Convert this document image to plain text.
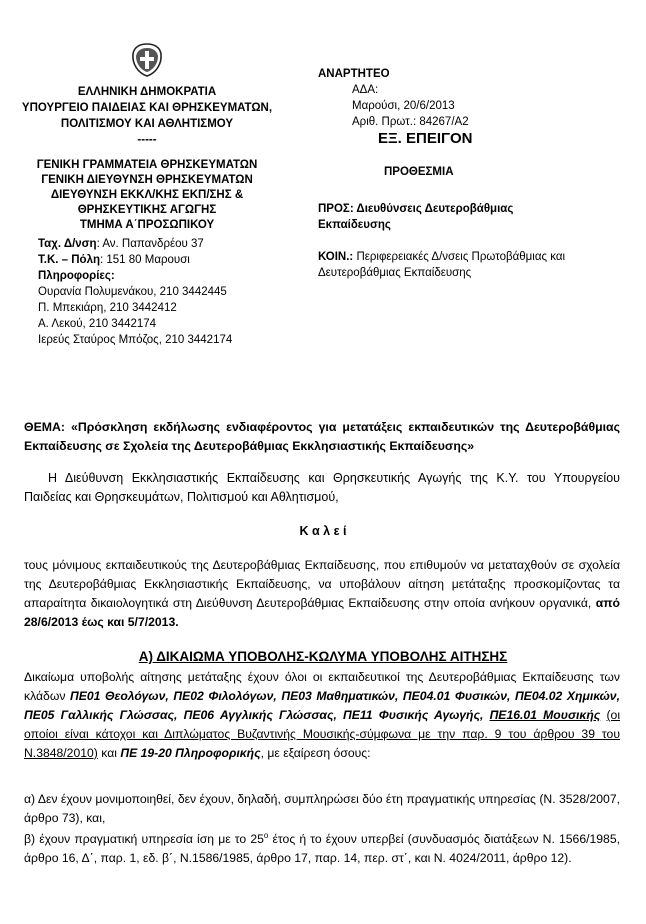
ΕΛΛΗΝΙΚΗ ΔΗΜΟΚΡΑΤΙΑ
ΥΠΟΥΡΓΕΙΟ ΠΑΙΔΕΙΑΣ ΚΑΙ ΘΡΗΣΚΕΥΜΑΤΩΝ,
ΠΟΛΙΤΙΣΜΟΥ ΚΑΙ ΑΘΛΗΤΙΣΜΟΥ
-----
ΓΕΝΙΚΗ ΓΡΑΜΜΑΤΕΙΑ ΘΡΗΣΚΕΥΜΑΤΩΝ
ΓΕΝΙΚΗ ΔΙΕΥΘΥΝΣΗ ΘΡΗΣΚΕΥΜΑΤΩΝ
ΔΙΕΥΘΥΝΣΗ ΕΚΚΛ/ΚΗΣ ΕΚΠ/ΣΗΣ &
ΘΡΗΣΚΕΥΤΙΚΗΣ ΑΓΩΓΗΣ
ΤΜΗΜΑ Α΄ΠΡΟΣΩΠΙΚΟΥ
Ταχ. Δ/νση: Αν. Παπανδρέου 37
Τ.Κ. – Πόλη: 151 80 Μαρουσι
Πληροφορίες:
Ουρανία Πολυμενάκου, 210 3442445
Π. Μπεκιάρη, 210 3442412
Α. Λεκού, 210 3442174
Ιερεύς Σταύρος Μπόζος, 210 3442174
ΑΝΑΡΤΗΤΕΟ
ΑΔΑ:
Μαρούσι, 20/6/2013
Αριθ. Πρωτ.: 84267/Α2
ΕΞ. ΕΠΕΙΓΟΝ
ΠΡΟΘΕΣΜΙΑ
ΠΡΟΣ: Διευθύνσεις Δευτεροβάθμιας
Εκπαίδευσης
ΚΟΙΝ.: Περιφερειακές Δ/νσεις Πρωτοβάθμιας και
Δευτεροβάθμιας Εκπαίδευσης
ΘΕΜΑ: «Πρόσκληση εκδήλωσης ενδιαφέροντος για μετατάξεις εκπαιδευτικών της Δευτεροβάθμιας Εκπαίδευσης σε Σχολεία της Δευτεροβάθμιας Εκκλησιαστικής Εκπαίδευσης»
Η Διεύθυνση Εκκλησιαστικής Εκπαίδευσης και Θρησκευτικής Αγωγής της Κ.Υ. του Υπουργείου Παιδείας και Θρησκευμάτων, Πολιτισμού και Αθλητισμού,
Κ α λ ε ί
τους μόνιμους εκπαιδευτικούς της Δευτεροβάθμιας Εκπαίδευσης, που επιθυμούν να μεταταχθούν σε σχολεία της Δευτεροβάθμιας Εκκλησιαστικής Εκπαίδευσης, να υποβάλουν αίτηση μετάταξης προσκομίζοντας τα απαραίτητα δικαιολογητικά στη Διεύθυνση Δευτεροβάθμιας Εκπαίδευσης στην οποία ανήκουν οργανικά, από 28/6/2013 έως και 5/7/2013.
Α) ΔΙΚΑΙΩΜΑ ΥΠΟΒΟΛΗΣ-ΚΩΛΥΜΑ ΥΠΟΒΟΛΗΣ ΑΙΤΗΣΗΣ
Δικαίωμα υποβολής αίτησης μετάταξης έχουν όλοι οι εκπαιδευτικοί της Δευτεροβάθμιας Εκπαίδευσης των κλάδων ΠΕ01 Θεολόγων, ΠΕ02 Φιλολόγων, ΠΕ03 Μαθηματικών, ΠΕ04.01 Φυσικών, ΠΕ04.02 Χημικών, ΠΕ05 Γαλλικής Γλώσσας, ΠΕ06 Αγγλικής Γλώσσας, ΠΕ11 Φυσικής Αγωγής, ΠΕ16.01 Μουσικής (οι οποίοι είναι κάτοχοι και Διπλώματος Βυζαντινής Μουσικής-σύμφωνα με την παρ. 9 του άρθρου 39 του Ν.3848/2010) και ΠΕ 19-20 Πληροφορικής, με εξαίρεση όσους:
α) Δεν έχουν μονιμοποιηθεί, δεν έχουν, δηλαδή, συμπληρώσει δύο έτη πραγματικής υπηρεσίας (Ν. 3528/2007, άρθρο 73), και,
β) έχουν πραγματική υπηρεσία ίση με το $25^o$ έτος ή το έχουν υπερβεί (συνδυασμός διατάξεων Ν. 1566/1985, άρθρο 16, Δ΄, παρ. 1, εδ. β΄, Ν.1586/1985, άρθρο 17, παρ. 14, περ. στ΄, και Ν. 4024/2011, άρθρο 12).
